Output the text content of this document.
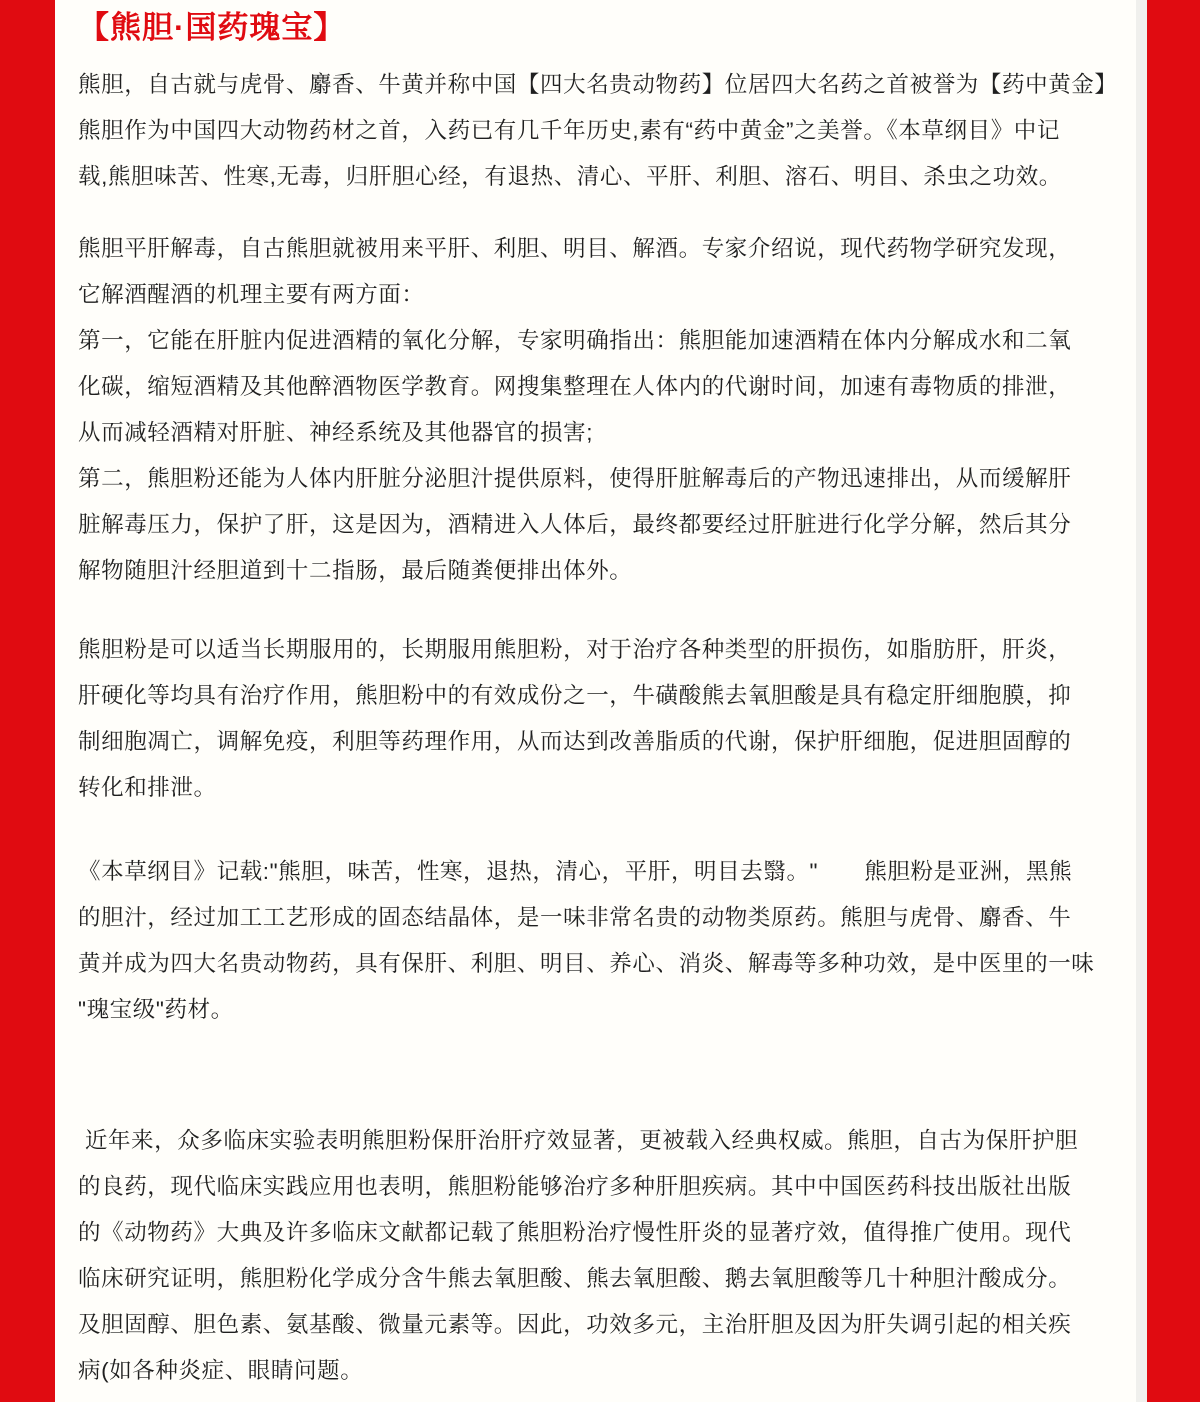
【熊胆·国药瑰宝】
熊胆，自古就与虎骨、麝香、牛黄并称中国【四大名贵动物药】位居四大名药之首被誉为【药中黄金】
熊胆作为中国四大动物药材之首，入药已有几千年历史,素有“药中黄金”之美誉。《本草纲目》中记
载,熊胆味苦、性寒,无毒，归肝胆心经，有退热、清心、平肝、利胆、溶石、明目、杀虫之功效。
熊胆平肝解毒，自古熊胆就被用来平肝、利胆、明目、解酒。专家介绍说，现代药物学研究发现，
它解酒醒酒的机理主要有两方面：
第一，它能在肝脏内促进酒精的氧化分解，专家明确指出：熊胆能加速酒精在体内分解成水和二氧
化碳，缩短酒精及其他醉酒物医学教育。网搜集整理在人体内的代谢时间，加速有毒物质的排泄，
从而减轻酒精对肝脏、神经系统及其他器官的损害;
第二，熊胆粉还能为人体内肝脏分泌胆汁提供原料，使得肝脏解毒后的产物迅速排出，从而缓解肝
脏解毒压力，保护了肝，这是因为，酒精进入人体后，最终都要经过肝脏进行化学分解，然后其分
解物随胆汁经胆道到十二指肠，最后随粪便排出体外。
熊胆粉是可以适当长期服用的，长期服用熊胆粉，对于治疗各种类型的肝损伤，如脂肪肝，肝炎，
肝硬化等均具有治疗作用，熊胆粉中的有效成份之一，牛磺酸熊去氧胆酸是具有稳定肝细胞膜，抑
制细胞凋亡，调解免疫，利胆等药理作用，从而达到改善脂质的代谢，保护肝细胞，促进胆固醇的
转化和排泄。
《本草纲目》记载:"熊胆，味苦，性寒，退热，清心，平肝，明目去翳。"　　熊胆粉是亚洲，黑熊
的胆汁，经过加工工艺形成的固态结晶体，是一味非常名贵的动物类原药。熊胆与虎骨、麝香、牛
黄并成为四大名贵动物药，具有保肝、利胆、明目、养心、消炎、解毒等多种功效，是中医里的一味
"瑰宝级"药材。
近年来，众多临床实验表明熊胆粉保肝治肝疗效显著，更被载入经典权威。熊胆，自古为保肝护胆
的良药，现代临床实践应用也表明，熊胆粉能够治疗多种肝胆疾病。其中中国医药科技出版社出版
的《动物药》大典及许多临床文献都记载了熊胆粉治疗慢性肝炎的显著疗效，值得推广使用。现代
临床研究证明，熊胆粉化学成分含牛熊去氧胆酸、熊去氧胆酸、鹅去氧胆酸等几十种胆汁酸成分。
及胆固醇、胆色素、氨基酸、微量元素等。因此，功效多元，主治肝胆及因为肝失调引起的相关疾
病(如各种炎症、眼睛问题。
